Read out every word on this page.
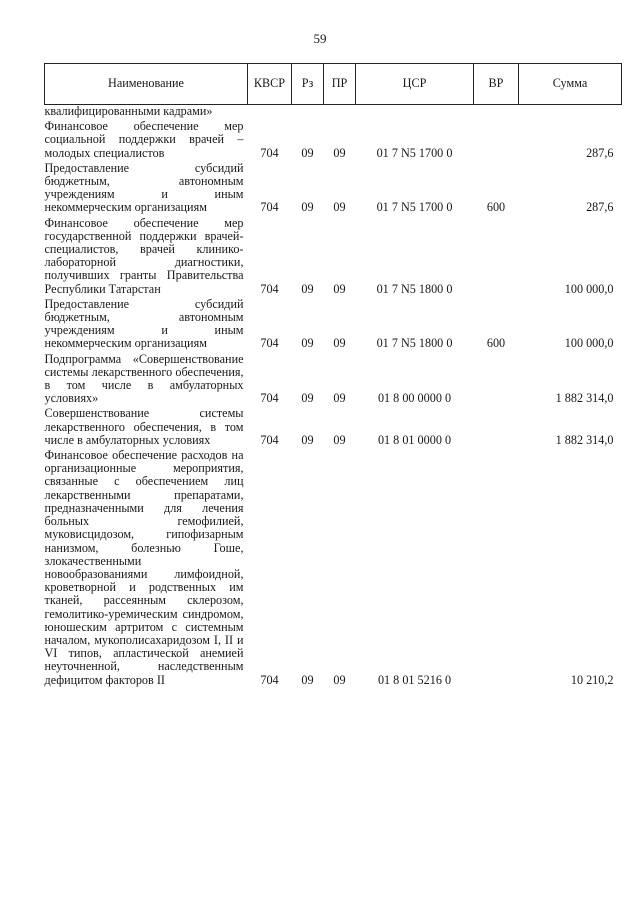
59
Наименование	КВСР	Рз	ПР	ЦСР	ВР	Сумма
квалифицированными кадрами»						
Финансовое обеспечение мер социальной поддержки врачей – молодых специалистов	704	09	09	01 7 N5 1700 0		287,6
Предоставление субсидий бюджетным, автономным учреждениям и иным некоммерческим организациям	704	09	09	01 7 N5 1700 0	600	287,6
Финансовое обеспечение мер государственной поддержки врачей-специалистов, врачей клинико-лабораторной диагностики, получивших гранты Правительства Республики Татарстан	704	09	09	01 7 N5 1800 0		100 000,0
Предоставление субсидий бюджетным, автономным учреждениям и иным некоммерческим организациям	704	09	09	01 7 N5 1800 0	600	100 000,0
Подпрограмма «Совершенствование системы лекарственного обеспечения, в том числе в амбулаторных условиях»	704	09	09	01 8 00 0000 0		1 882 314,0
Совершенствование системы лекарственного обеспечения, в том числе в амбулаторных условиях	704	09	09	01 8 01 0000 0		1 882 314,0
Финансовое обеспечение расходов на организационные мероприятия, связанные с обеспечением лиц лекарственными препаратами, предназначенными для лечения больных гемофилией, муковисцидозом, гипофизарным нанизмом, болезнью Гоше, злокачественными новообразованиями лимфоидной, кроветворной и родственных им тканей, рассеянным склерозом, гемолитико-уремическим синдромом, юношеским артритом с системным началом, мукополисахаридозом I, II и VI типов, апластической анемией неуточненной, наследственным дефицитом факторов II	704	09	09	01 8 01 5216 0		10 210,2
